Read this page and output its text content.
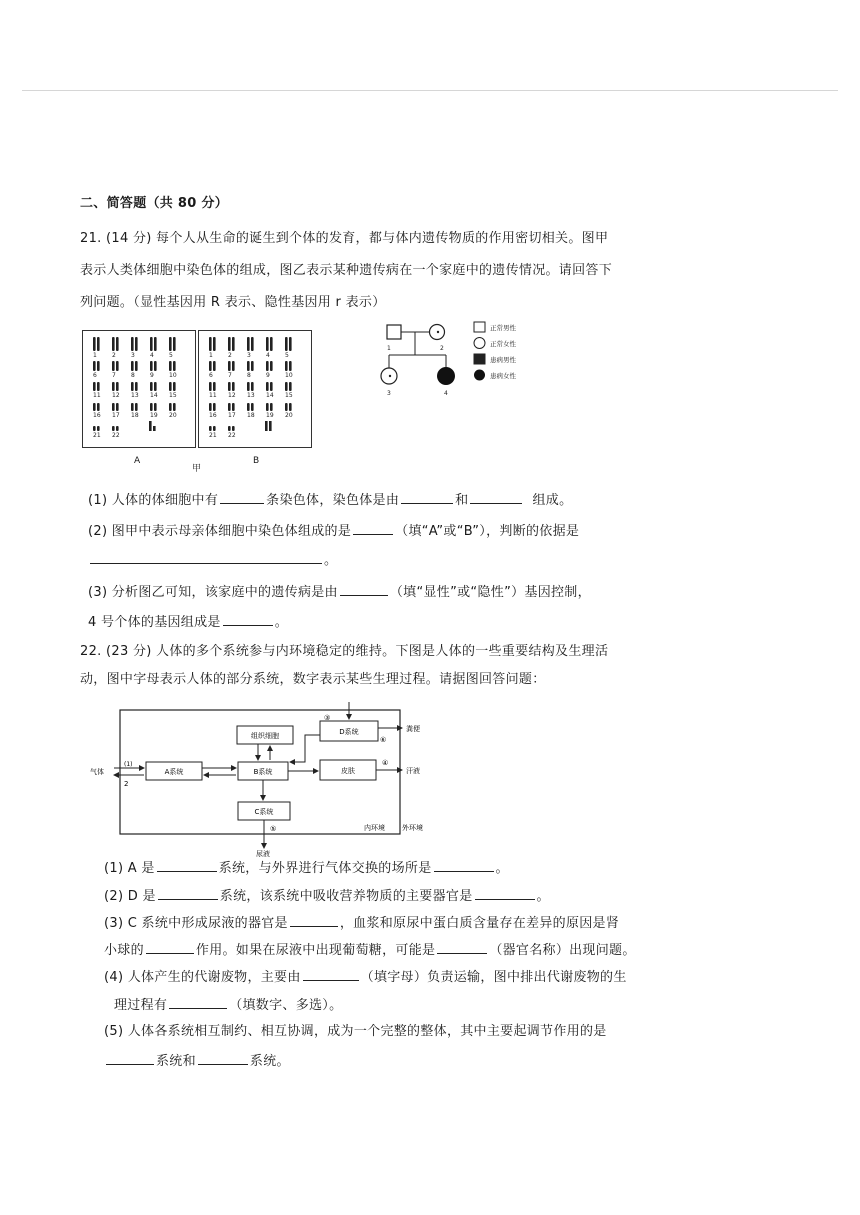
二、简答题（共 80 分）
21. (14 分) 每个人从生命的诞生到个体的发育，都与体内遗传物质的作用密切相关。图甲
表示人类体细胞中染色体的组成，图乙表示某种遗传病在一个家庭中的遗传情况。请回答下
列问题。（显性基因用 R 表示、隐性基因用 r 表示）
1	2	3	4	5
6	7	8	9	10
11 12 13 14 15
16 17 18 19 20
21 22
1	2	3	4	5
6	7	8	9	10
11 12 13 14 15
16 17 18 19 20
21 22
A	B
甲
1	2
3	4
正常男性
正常女性
患病男性
患病女性
(1) 人体的体细胞中有	条染色体，染色体是由	和	组成。
(2) 图甲中表示母亲体细胞中染色体组成的是	（填“A”或“B”），判断的依据是
。
(3) 分析图乙可知，该家庭中的遗传病是由	（填“显性”或“隐性”）基因控制，
4 号个体的基因组成是	。
22. (23 分) 人体的多个系统参与内环境稳定的维持。下图是人体的一些重要结构及生理活
动，图中字母表示人体的部分系统，数字表示某些生理过程。请据图回答问题：
组织细胞	D系统
A系统	B系统	皮肤
C系统
气体
(1)
2
③
⑥
④
⑤
粪便
汗液
尿液
内环境 外环境
(1) A 是	系统，与外界进行气体交换的场所是	。
(2) D 是	系统，该系统中吸收营养物质的主要器官是	。
(3) C 系统中形成尿液的器官是	，血浆和原尿中蛋白质含量存在差异的原因是肾
小球的	作用。如果在尿液中出现葡萄糖，可能是	（器官名称）出现问题。
(4) 人体产生的代谢废物，主要由	（填字母）负责运输，图中排出代谢废物的生
理过程有	（填数字、多选）。
(5) 人体各系统相互制约、相互协调，成为一个完整的整体，其中主要起调节作用的是
系统和	系统。
